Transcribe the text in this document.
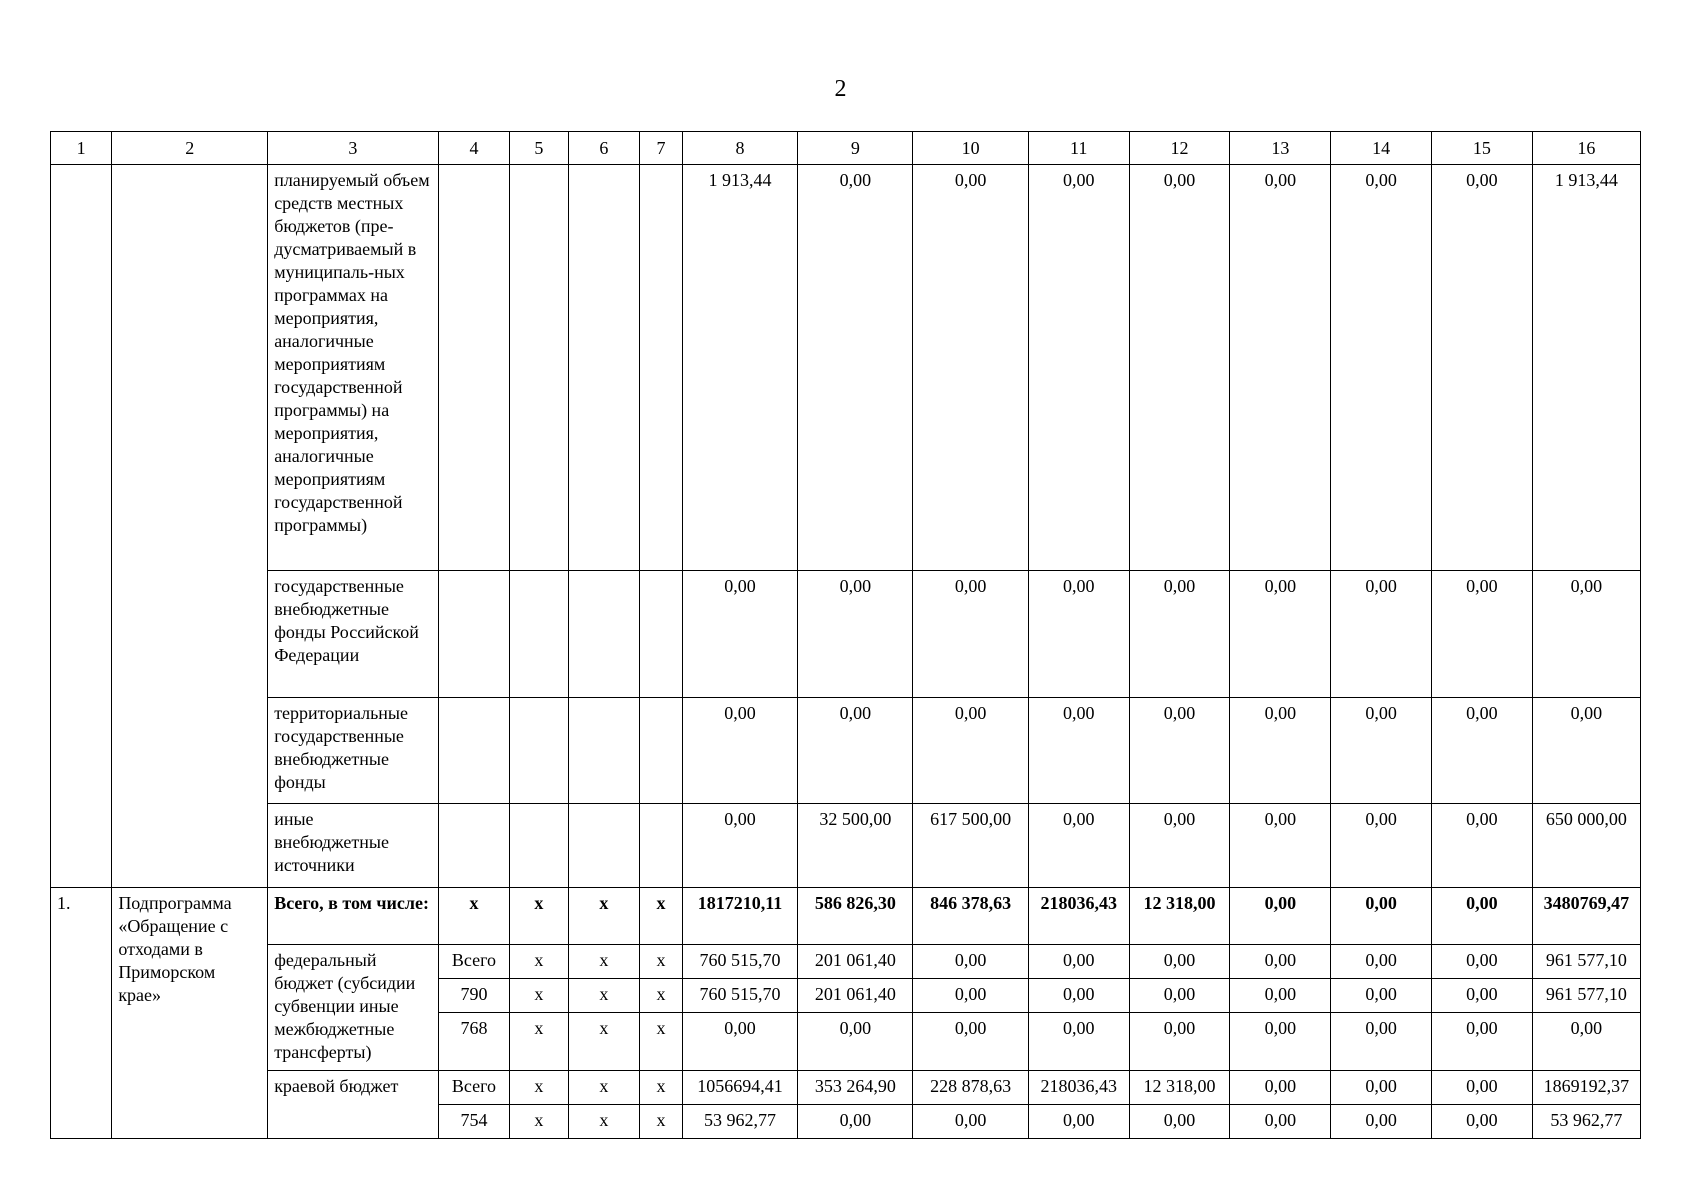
2
1	2	3	4	5	6	7	8	9	10	11	12	13	14	15	16
		планируемый объем средств местных бюджетов (пре-дусматриваемый в муниципаль-ных программах на мероприятия, аналогичные мероприятиям государственной программы) на мероприятия, аналогичные мероприятиям государственной программы)					1 913,44	0,00	0,00	0,00	0,00	0,00	0,00	0,00	1 913,44
		государственные внебюджетные фонды Российской Федерации					0,00	0,00	0,00	0,00	0,00	0,00	0,00	0,00	0,00
		территориальные государственные внебюджетные фонды					0,00	0,00	0,00	0,00	0,00	0,00	0,00	0,00	0,00
		иные внебюджетные источники					0,00	32 500,00	617 500,00	0,00	0,00	0,00	0,00	0,00	650 000,00
1.	Подпрограмма «Обращение с отходами в Приморском крае»	Всего, в том числе:	х	х	х	х	1817210,11	586 826,30	846 378,63	218036,43	12 318,00	0,00	0,00	0,00	3480769,47
		федеральный бюджет (субсидии субвенции иные межбюджетные трансферты)	Всего	х	х	х	760 515,70	201 061,40	0,00	0,00	0,00	0,00	0,00	0,00	961 577,10
			790	х	х	х	760 515,70	201 061,40	0,00	0,00	0,00	0,00	0,00	0,00	961 577,10
			768	х	х	х	0,00	0,00	0,00	0,00	0,00	0,00	0,00	0,00	0,00
		краевой бюджет	Всего	х	х	х	1056694,41	353 264,90	228 878,63	218036,43	12 318,00	0,00	0,00	0,00	1869192,37
			754	х	х	х	53 962,77	0,00	0,00	0,00	0,00	0,00	0,00	0,00	53 962,77
